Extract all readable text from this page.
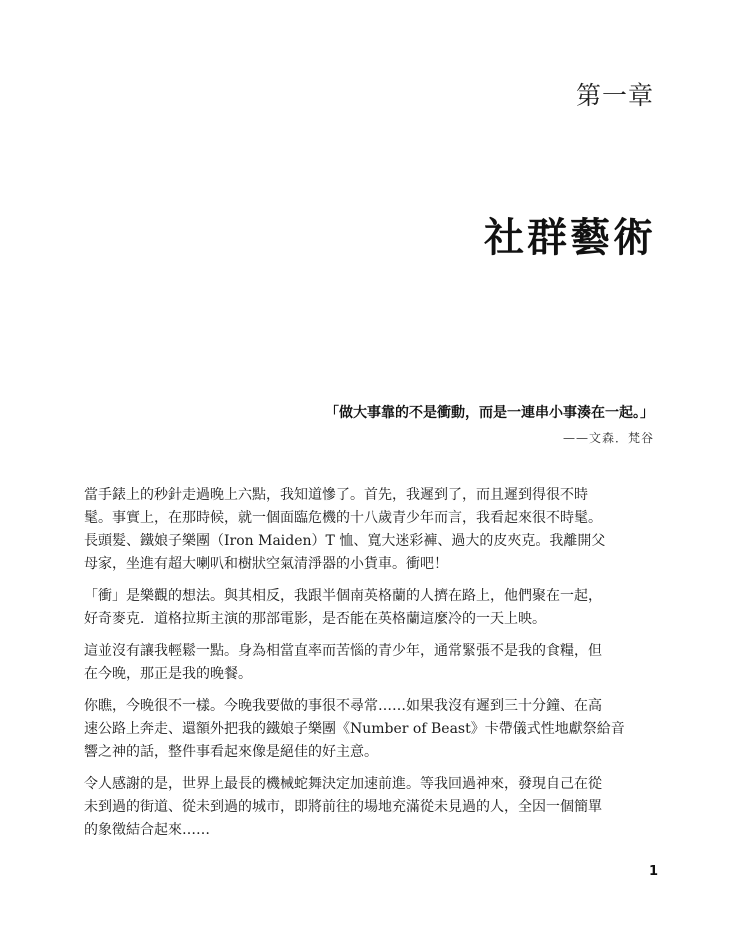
第一章
社群藝術
「做大事靠的不是衝動，而是一連串小事湊在一起。」
——文森．梵谷

當手錶上的秒針走過晚上六點，我知道慘了。首先，我遲到了，而且遲到得很不時
髦。事實上，在那時候，就一個面臨危機的十八歲青少年而言，我看起來很不時髦。
長頭髮、鐵娘子樂團（Iron Maiden）T 恤、寬大迷彩褲、過大的皮夾克。我離開父
母家，坐進有超大喇叭和樹狀空氣清淨器的小貨車。衝吧！

「衝」是樂觀的想法。與其相反，我跟半個南英格蘭的人擠在路上，他們聚在一起，
好奇麥克．道格拉斯主演的那部電影，是否能在英格蘭這麼冷的一天上映。

這並沒有讓我輕鬆一點。身為相當直率而苦惱的青少年，通常緊張不是我的食糧，但
在今晚，那正是我的晚餐。

你瞧，今晚很不一樣。今晚我要做的事很不尋常……如果我沒有遲到三十分鐘、在高
速公路上奔走、還額外把我的鐵娘子樂團《Number of Beast》卡帶儀式性地獻祭給音
響之神的話，整件事看起來像是絕佳的好主意。

令人感謝的是，世界上最長的機械蛇舞決定加速前進。等我回過神來，發現自己在從
未到過的街道、從未到過的城市，即將前往的場地充滿從未見過的人，全因一個簡單
的象徵結合起來……

1
